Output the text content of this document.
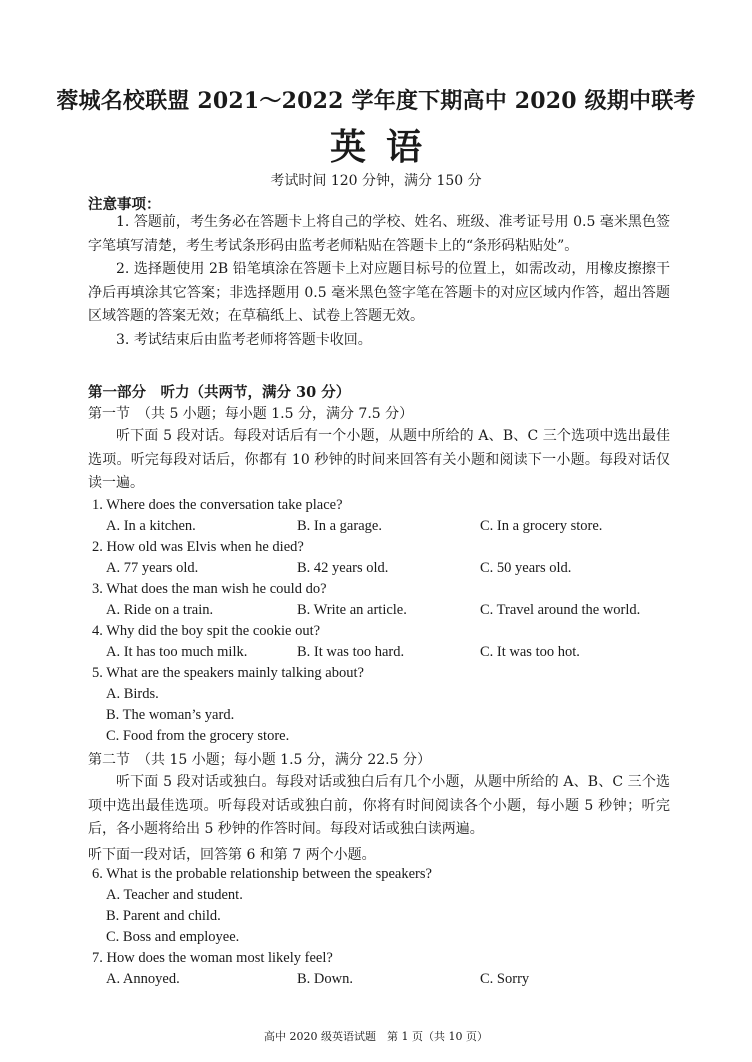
蓉城名校联盟 2021～2022 学年度下期高中 2020 级期中联考
英语
考试时间 120 分钟，满分 150 分
注意事项：
1. 答题前，考生务必在答题卡上将自己的学校、姓名、班级、准考证号用 0.5 毫米黑色签字笔填写清楚，考生考试条形码由监考老师粘贴在答题卡上的“条形码粘贴处”。
2. 选择题使用 2B 铅笔填涂在答题卡上对应题目标号的位置上，如需改动，用橡皮擦擦干净后再填涂其它答案；非选择题用 0.5 毫米黑色签字笔在答题卡的对应区域内作答，超出答题区域答题的答案无效；在草稿纸上、试卷上答题无效。
3. 考试结束后由监考老师将答题卡收回。
第一部分　听力（共两节，满分 30 分）
第一节　（共 5 小题；每小题 1.5 分，满分 7.5 分）
听下面 5 段对话。每段对话后有一个小题，从题中所给的 A、B、C 三个选项中选出最佳选项。听完每段对话后，你都有 10 秒钟的时间来回答有关小题和阅读下一小题。每段对话仅读一遍。
1. Where does the conversation take place?
A. In a kitchen.	B. In a garage.	C. In a grocery store.
2. How old was Elvis when he died?
A. 77 years old.	B. 42 years old.	C. 50 years old.
3. What does the man wish he could do?
A. Ride on a train.	B. Write an article.	C. Travel around the world.
4. Why did the boy spit the cookie out?
A. It has too much milk.	B. It was too hard.	C. It was too hot.
5. What are the speakers mainly talking about?
A. Birds.
B. The woman’s yard.
C. Food from the grocery store.
第二节　（共 15 小题；每小题 1.5 分，满分 22.5 分）
听下面 5 段对话或独白。每段对话或独白后有几个小题，从题中所给的 A、B、C 三个选项中选出最佳选项。听每段对话或独白前，你将有时间阅读各个小题，每小题 5 秒钟；听完后，各小题将给出 5 秒钟的作答时间。每段对话或独白读两遍。
听下面一段对话，回答第 6 和第 7 两个小题。
6. What is the probable relationship between the speakers?
A. Teacher and student.
B. Parent and child.
C. Boss and employee.
7. How does the woman most likely feel?
A. Annoyed.	B. Down.	C. Sorry
高中 2020 级英语试题　第 1 页（共 10 页）
